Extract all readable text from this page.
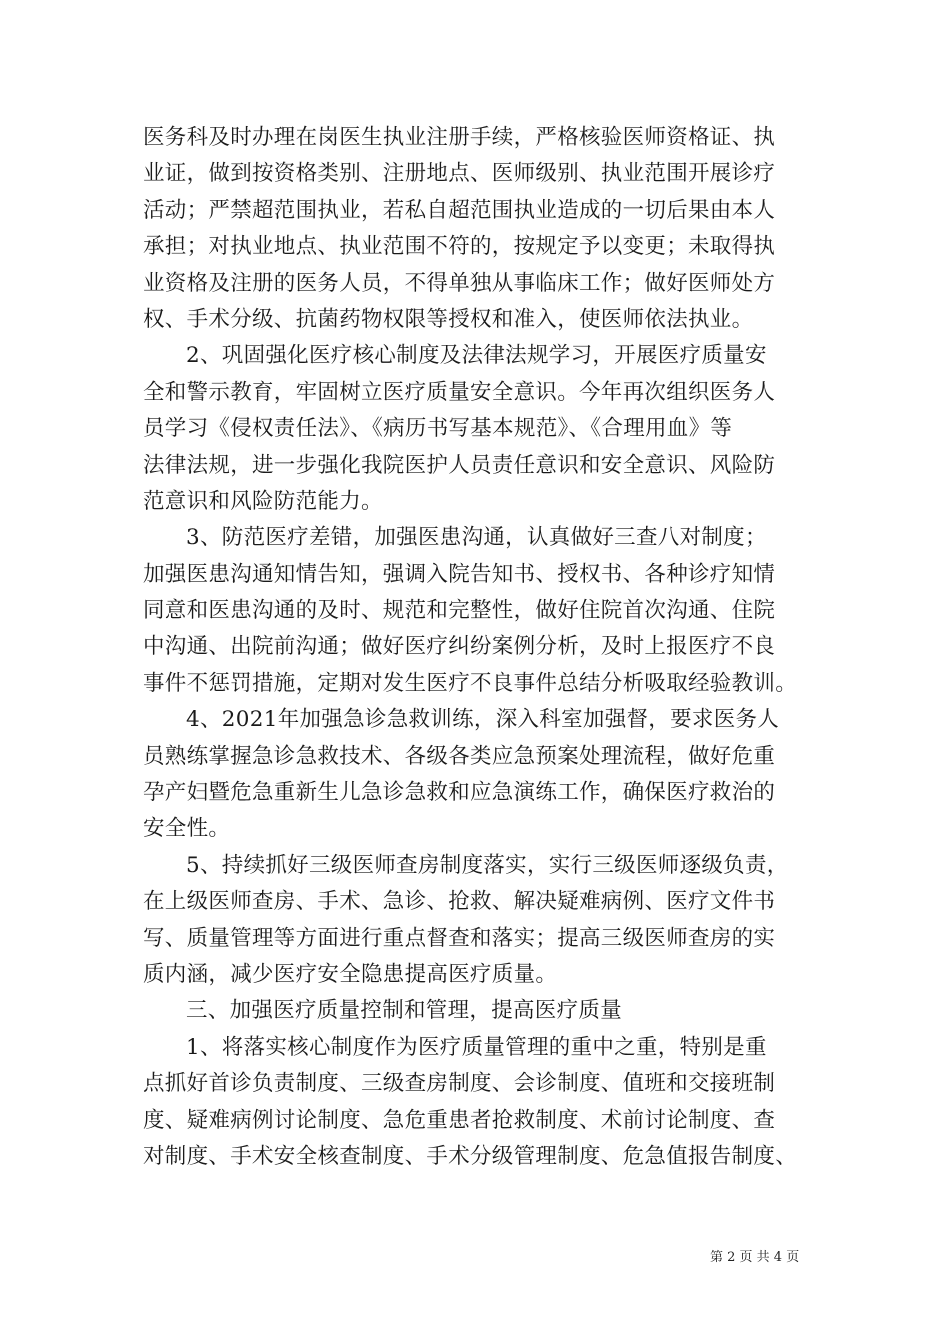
医务科及时办理在岗医生执业注册手续，严格核验医师资格证、执
业证，做到按资格类别、注册地点、医师级别、执业范围开展诊疗
活动；严禁超范围执业，若私自超范围执业造成的一切后果由本人
承担；对执业地点、执业范围不符的，按规定予以变更；未取得执
业资格及注册的医务人员，不得单独从事临床工作；做好医师处方
权、手术分级、抗菌药物权限等授权和准入，使医师依法执业。
2、巩固强化医疗核心制度及法律法规学习，开展医疗质量安
全和警示教育，牢固树立医疗质量安全意识。今年再次组织医务人
员学习《侵权责任法》、《病历书写基本规范》、《合理用血》等
法律法规，进一步强化我院医护人员责任意识和安全意识、风险防
范意识和风险防范能力。
3、防范医疗差错，加强医患沟通，认真做好三查八对制度；
加强医患沟通知情告知，强调入院告知书、授权书、各种诊疗知情
同意和医患沟通的及时、规范和完整性，做好住院首次沟通、住院
中沟通、出院前沟通；做好医疗纠纷案例分析，及时上报医疗不良
事件不惩罚措施，定期对发生医疗不良事件总结分析吸取经验教训。
4、2021年加强急诊急救训练，深入科室加强督，要求医务人
员熟练掌握急诊急救技术、各级各类应急预案处理流程，做好危重
孕产妇暨危急重新生儿急诊急救和应急演练工作，确保医疗救治的
安全性。
5、持续抓好三级医师查房制度落实，实行三级医师逐级负责，
在上级医师查房、手术、急诊、抢救、解决疑难病例、医疗文件书
写、质量管理等方面进行重点督查和落实；提高三级医师查房的实
质内涵，减少医疗安全隐患提高医疗质量。
三、加强医疗质量控制和管理，提高医疗质量
1、将落实核心制度作为医疗质量管理的重中之重，特别是重
点抓好首诊负责制度、三级查房制度、会诊制度、值班和交接班制
度、疑难病例讨论制度、急危重患者抢救制度、术前讨论制度、查
对制度、手术安全核查制度、手术分级管理制度、危急值报告制度、
第 2 页 共 4 页
